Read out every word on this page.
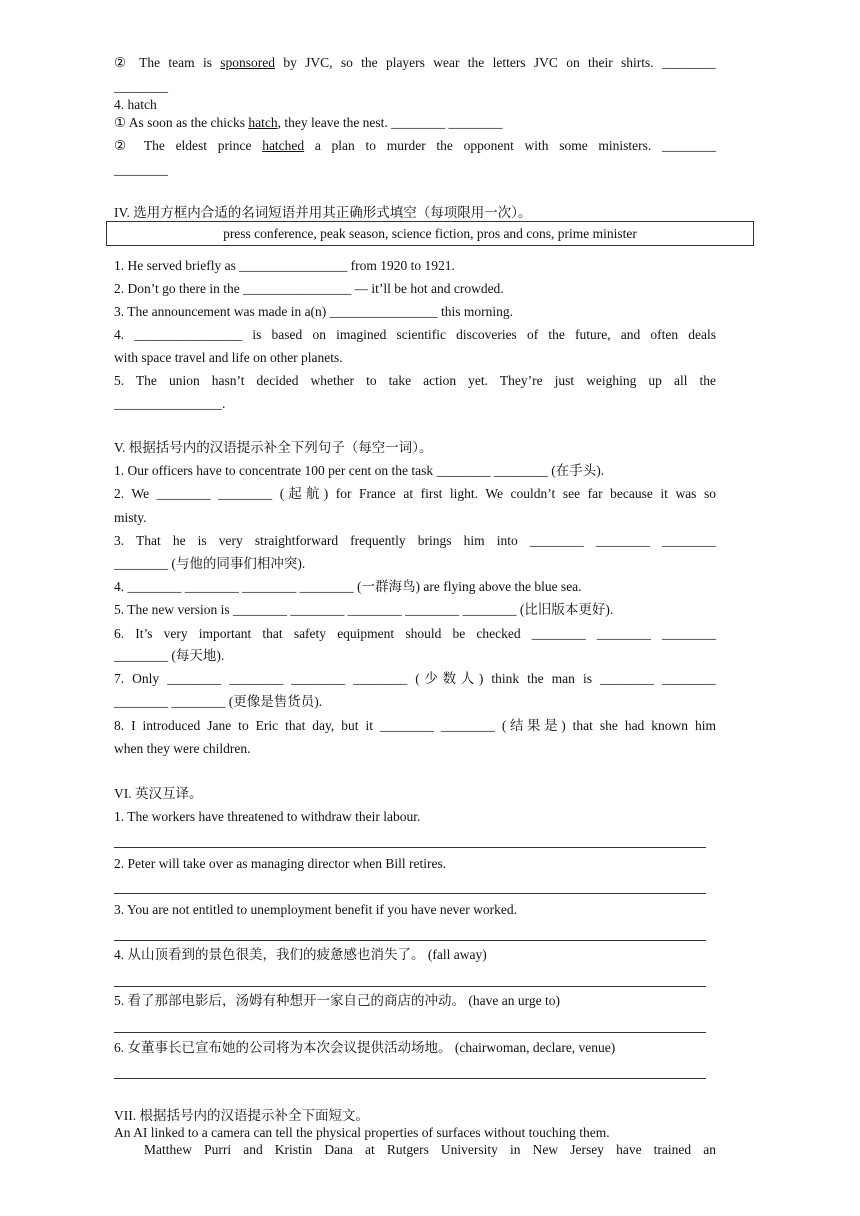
② The team is sponsored by JVC, so the players wear the letters JVC on their shirts. ________
________
4. hatch
① As soon as the chicks hatch, they leave the nest. ________ ________
② The eldest prince hatched a plan to murder the opponent with some ministers. ________
________
IV. 选用方框内合适的名词短语并用其正确形式填空（每项限用一次）。
press conference, peak season, science fiction, pros and cons, prime minister
1. He served briefly as ________________ from 1920 to 1921.
2. Don’t go there in the ________________ — it’ll be hot and crowded.
3. The announcement was made in a(n) ________________ this morning.
4. ________________ is based on imagined scientific discoveries of the future, and often deals
with space travel and life on other planets.
5. The union hasn’t decided whether to take action yet. They’re just weighing up all the
________________.
V. 根据括号内的汉语提示补全下列句子（每空一词）。
1. Our officers have to concentrate 100 per cent on the task ________ ________ (在手头).
2. We ________ ________ (起航) for France at first light. We couldn’t see far because it was so
misty.
3. That he is very straightforward frequently brings him into ________ ________ ________
________ (与他的同事们相冲突).
4. ________ ________ ________ ________ (一群海鸟) are flying above the blue sea.
5. The new version is ________ ________ ________ ________ ________ (比旧版本更好).
6. It’s very important that safety equipment should be checked ________ ________ ________
________ (每天地).
7. Only ________ ________ ________ ________ (少数人) think the man is ________ ________
________ ________ (更像是售货员).
8. I introduced Jane to Eric that day, but it ________ ________ (结果是) that she had known him
when they were children.
VI. 英汉互译。
1. The workers have threatened to withdraw their labour.
2. Peter will take over as managing director when Bill retires.
3. You are not entitled to unemployment benefit if you have never worked.
4. 从山顶看到的景色很美，我们的疲惫感也消失了。 (fall away)
5. 看了那部电影后，汤姆有种想开一家自己的商店的冲动。 (have an urge to)
6. 女董事长已宣布她的公司将为本次会议提供活动场地。 (chairwoman, declare, venue)
VII. 根据括号内的汉语提示补全下面短文。
An AI linked to a camera can tell the physical properties of surfaces without touching them.
Matthew Purri and Kristin Dana at Rutgers University in New Jersey have trained an
